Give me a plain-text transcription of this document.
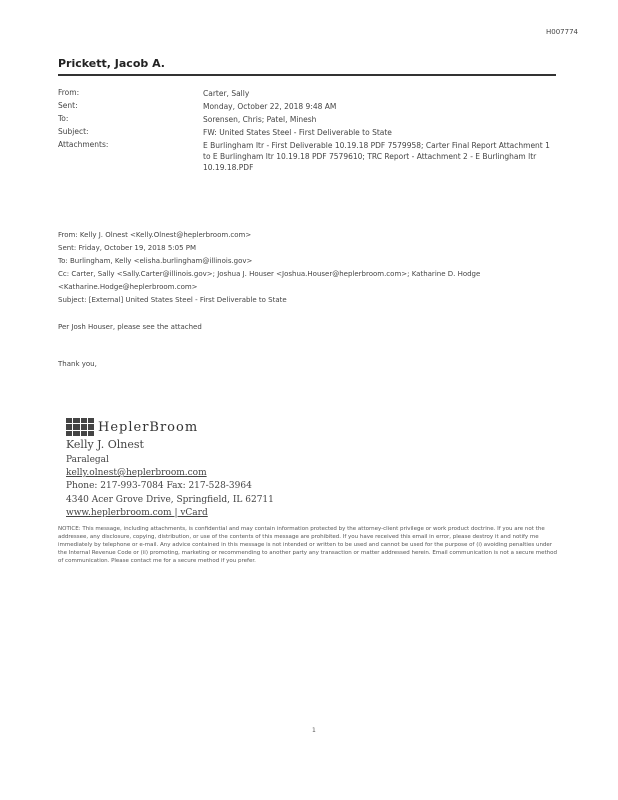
H007774
Prickett, Jacob A.
From:	Carter, Sally
Sent:	Monday, October 22, 2018 9:48 AM
To:	Sorensen, Chris; Patel, Minesh
Subject:	FW: United States Steel - First Deliverable to State
Attachments:	E Burlingham Itr - First Deliverable 10.19.18 PDF 7579958; Carter Final Report Attachment 1 to E Burlingham ltr 10.19.18 PDF 7579610; TRC Report - Attachment 2 - E Burlingham ltr 10.19.18.PDF
From: Kelly J. Olnest <Kelly.Olnest@heplerbroom.com>
Sent: Friday, October 19, 2018 5:05 PM
To: Burlingham, Kelly <elisha.burlingham@illinois.gov>
Cc: Carter, Sally <Sally.Carter@illinois.gov>; Joshua J. Houser <Joshua.Houser@heplerbroom.com>; Katharine D. Hodge
<Katharine.Hodge@heplerbroom.com>
Subject: [External] United States Steel - First Deliverable to State
Per Josh Houser, please see the attached
Thank you,
HeplerBroom
Kelly J. Olnest
Paralegal
kelly.olnest@heplerbroom.com
Phone: 217-993-7084 Fax: 217-528-3964
4340 Acer Grove Drive, Springfield, IL 62711
www.heplerbroom.com | vCard
NOTICE: This message, including attachments, is confidential and may contain information protected by the attorney-client privilege or work product doctrine. If you are not the addressee, any disclosure, copying, distribution, or use of the contents of this message are prohibited. If you have received this email in error, please destroy it and notify me immediately by telephone or e-mail. Any advice contained in this message is not intended or written to be used and cannot be used for the purpose of (i) avoiding penalties under the Internal Revenue Code or (ii) promoting, marketing or recommending to another party any transaction or matter addressed herein. Email communication is not a secure method of communication. Please contact me for a secure method if you prefer.
1
